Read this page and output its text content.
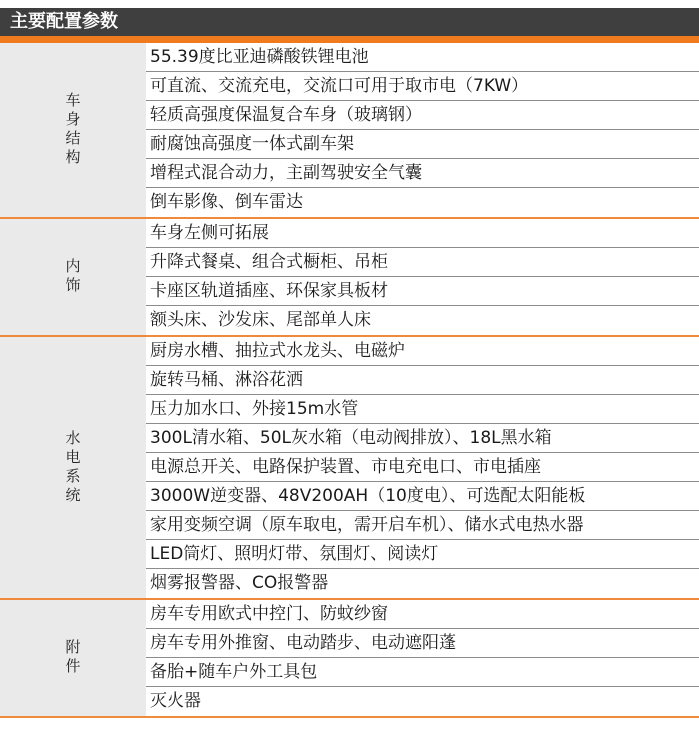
主要配置参数
车身结构
55.39度比亚迪磷酸铁锂电池
可直流、交流充电，交流口可用于取市电（7KW）
轻质高强度保温复合车身（玻璃钢）
耐腐蚀高强度一体式副车架
增程式混合动力，主副驾驶安全气囊
倒车影像、倒车雷达
内饰
车身左侧可拓展
升降式餐桌、组合式橱柜、吊柜
卡座区轨道插座、环保家具板材
额头床、沙发床、尾部单人床
水电系统
厨房水槽、抽拉式水龙头、电磁炉
旋转马桶、淋浴花洒
压力加水口、外接15m水管
300L清水箱、50L灰水箱（电动阀排放）、18L黑水箱
电源总开关、电路保护装置、市电充电口、市电插座
3000W逆变器、48V200AH（10度电）、可选配太阳能板
家用变频空调（原车取电，需开启车机）、储水式电热水器
LED筒灯、照明灯带、氛围灯、阅读灯
烟雾报警器、CO报警器
附件
房车专用欧式中控门、防蚊纱窗
房车专用外推窗、电动踏步、电动遮阳蓬
备胎+随车户外工具包
灭火器
